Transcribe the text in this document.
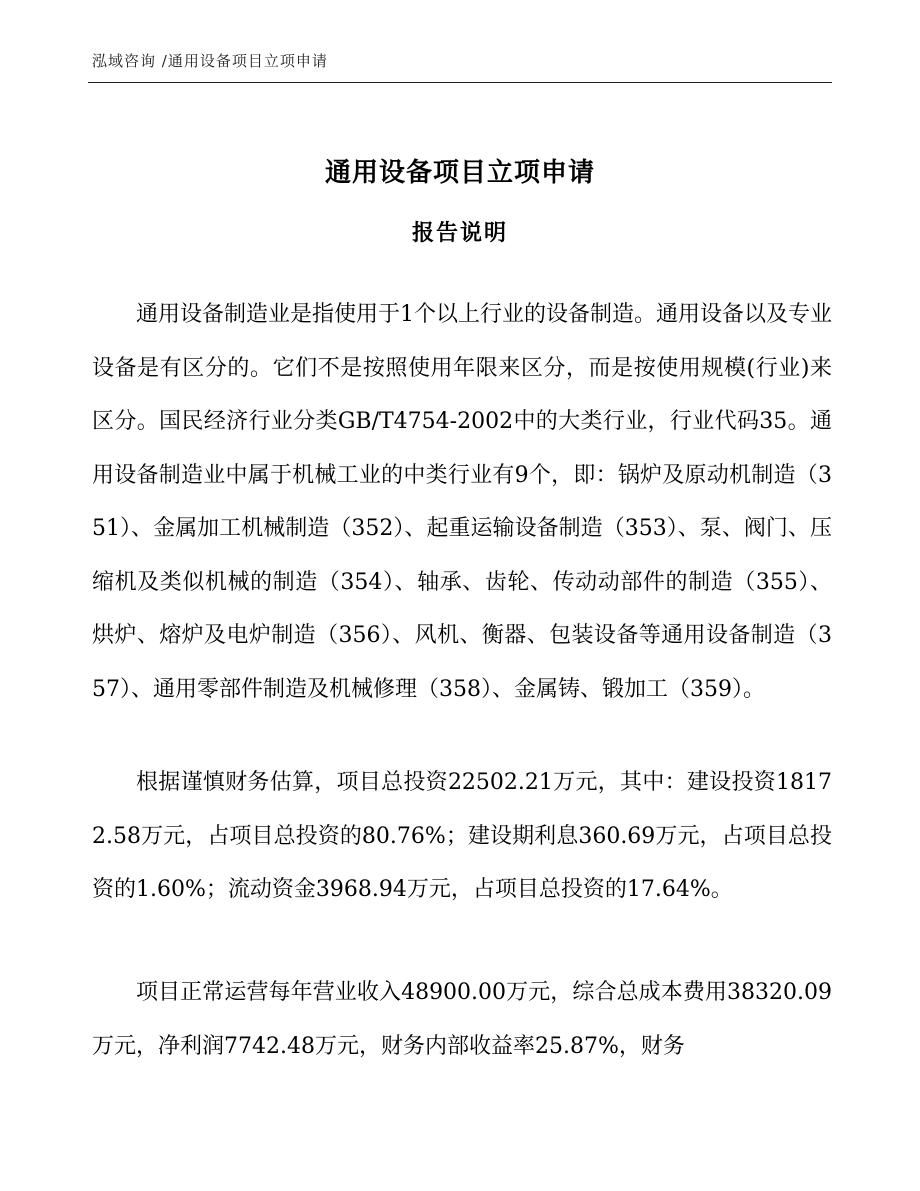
泓域咨询 /通用设备项目立项申请
通用设备项目立项申请
报告说明

通用设备制造业是指使用于1个以上行业的设备制造。通用设备以及专业设备是有区分的。它们不是按照使用年限来区分，而是按使用规模(行业)来区分。国民经济行业分类GB/T4754-2002中的大类行业，行业代码35。通用设备制造业中属于机械工业的中类行业有9个，即：锅炉及原动机制造（351）、金属加工机械制造（352）、起重运输设备制造（353）、泵、阀门、压缩机及类似机械的制造（354）、轴承、齿轮、传动动部件的制造（355）、烘炉、熔炉及电炉制造（356）、风机、衡器、包装设备等通用设备制造（357）、通用零部件制造及机械修理（358）、金属铸、锻加工（359）。

根据谨慎财务估算，项目总投资22502.21万元，其中：建设投资18172.58万元，占项目总投资的80.76%；建设期利息360.69万元，占项目总投资的1.60%；流动资金3968.94万元，占项目总投资的17.64%。

项目正常运营每年营业收入48900.00万元，综合总成本费用38320.09万元，净利润7742.48万元，财务内部收益率25.87%，财务
